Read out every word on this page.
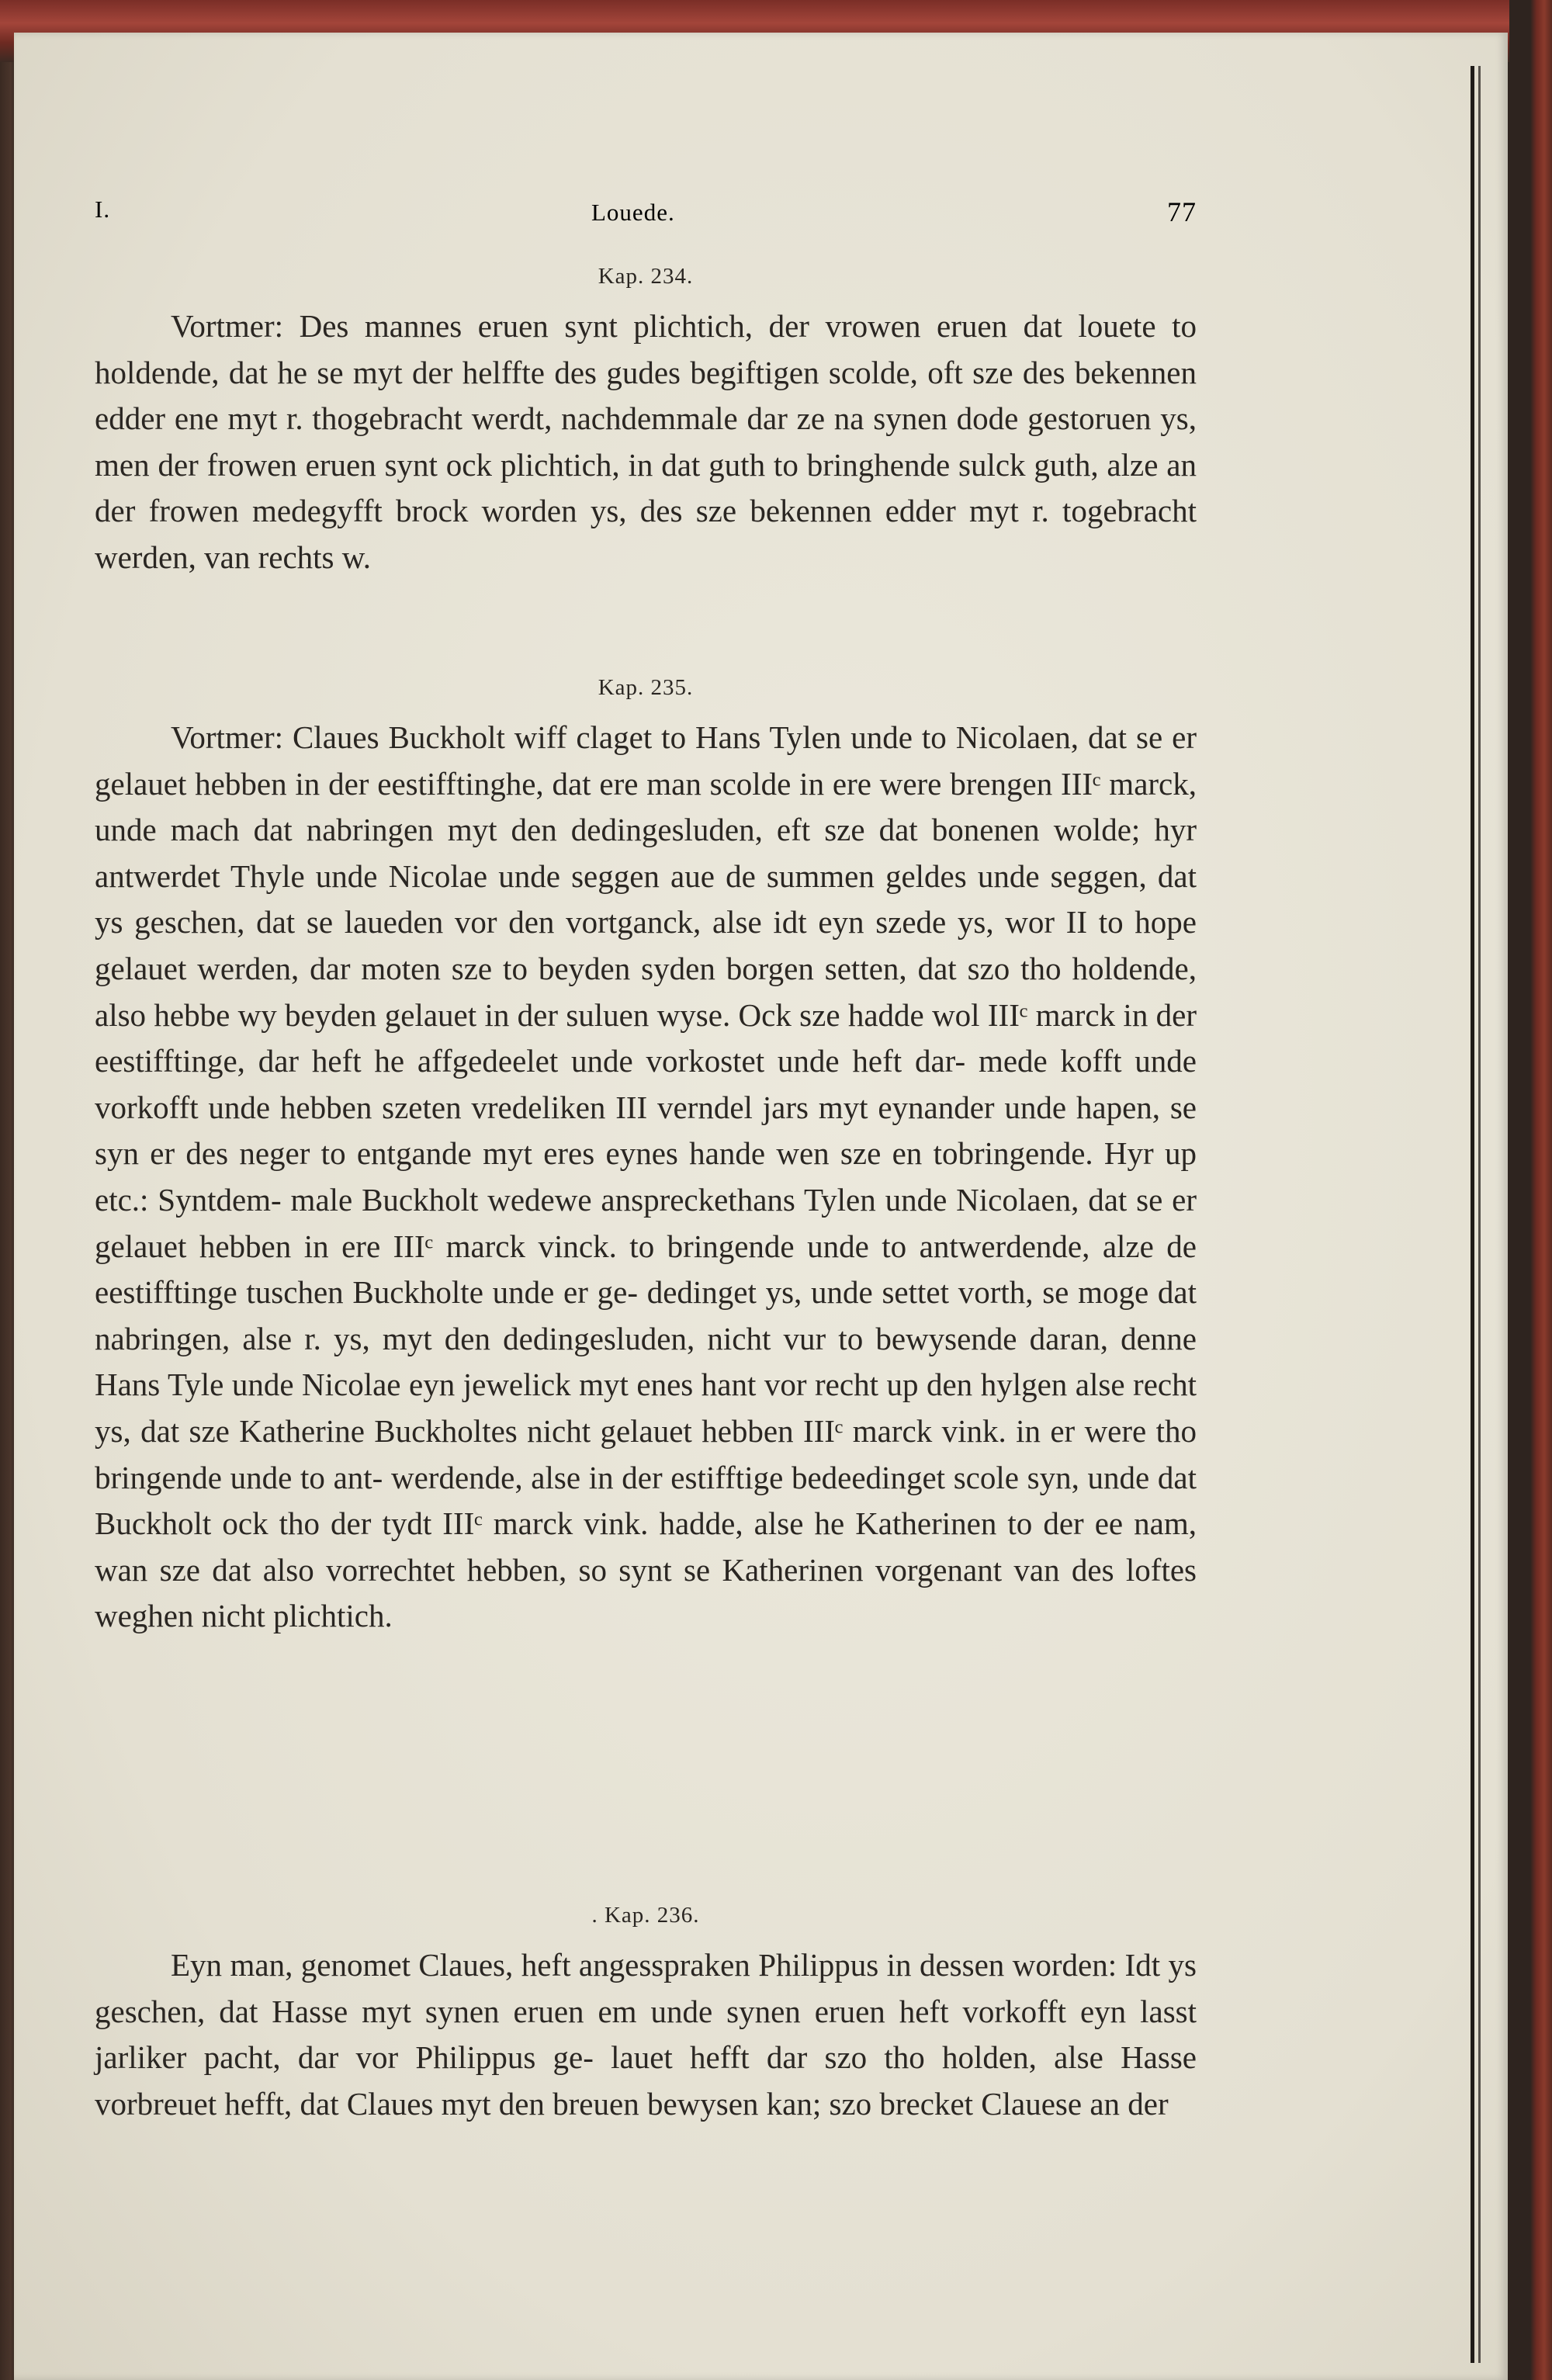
I.	Louede.	77
Kap. 234.

Vortmer: Des mannes eruen synt plichtich, der vrowen eruen dat louete to holdende, dat he se myt der helffte des gudes begiftigen scolde, oft sze des bekennen edder ene myt r. thogebracht werdt, nachdemmale dar ze na synen dode gestoruen ys, men der frowen eruen synt ock plichtich, in dat guth to bringhende sulck guth, alze an der frowen medegyfft brock worden ys, des sze bekennen edder myt r. togebracht werden, van rechts w.

Kap. 235.

Vortmer: Claues Buckholt wiff claget to Hans Tylen unde to Nicolaen, dat se er gelauet hebben in der eestifftinghe, dat ere man scolde in ere were brengen IIIᶜ marck, unde mach dat nabringen myt den dedingesluden, eft sze dat bonenen wolde; hyr antwerdet Thyle unde Nicolae unde seggen aue de summen geldes unde seggen, dat ys geschen, dat se laueden vor den vortganck, alse idt eyn szede ys, wor II to hope gelauet werden, dar moten sze to beyden syden borgen setten, dat szo tho holdende, also hebbe wy beyden gelauet in der suluen wyse. Ock sze hadde wol IIIᶜ marck in der eestifftinge, dar heft he affgedeelet unde vorkostet unde heft dar- mede kofft unde vorkofft unde hebben szeten vredeliken III verndel jars myt eynander unde hapen, se syn er des neger to entgande myt eres eynes hande wen sze en tobringende. Hyr up etc.: Syntdem- male Buckholt wedewe anspreckethans Tylen unde Nicolaen, dat se er gelauet hebben in ere IIIᶜ marck vinck. to bringende unde to antwerdende, alze de eestifftinge tuschen Buckholte unde er ge- dedinget ys, unde settet vorth, se moge dat nabringen, alse r. ys, myt den dedingesluden, nicht vur to bewysende daran, denne Hans Tyle unde Nicolae eyn jewelick myt enes hant vor recht up den hylgen alse recht ys, dat sze Katherine Buckholtes nicht gelauet hebben IIIᶜ marck vink. in er were tho bringende unde to ant- werdende, alse in der estifftige bedeedinget scole syn, unde dat Buckholt ock tho der tydt IIIᶜ marck vink. hadde, alse he Katherinen to der ee nam, wan sze dat also vorrechtet hebben, so synt se Katherinen vorgenant van des loftes weghen nicht plichtich.

. Kap. 236.

Eyn man, genomet Claues, heft angesspraken Philippus in dessen worden: Idt ys geschen, dat Hasse myt synen eruen em unde synen eruen heft vorkofft eyn lasst jarliker pacht, dar vor Philippus ge- lauet hefft dar szo tho holden, alse Hasse vorbreuet hefft, dat Claues myt den breuen bewysen kan; szo brecket Clauese an der
